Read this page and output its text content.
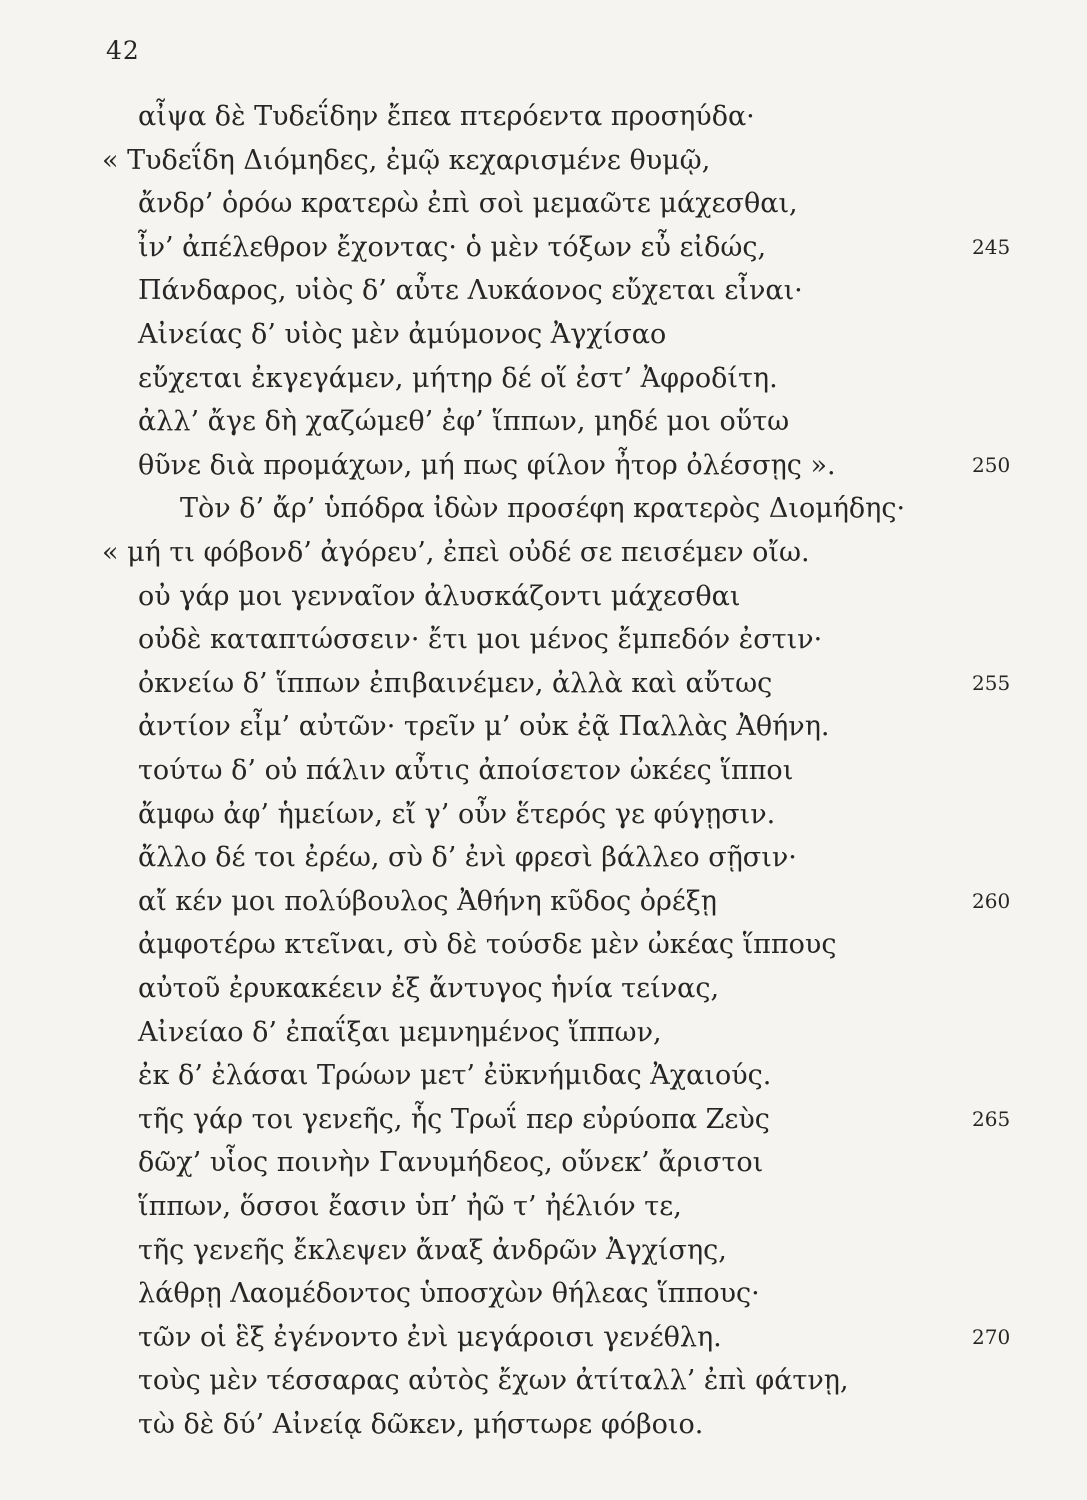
42
αἶψα δὲ Τυδεΐδην ἔπεα πτερόεντα προσηύδα·
« Τυδεΐδη Διόμηδες, ἐμῷ κεχαρισμένε θυμῷ,
ἄνδρ’ ὁρόω κρατερὼ ἐπὶ σοὶ μεμαῶτε μάχεσθαι,
ἶν’ ἀπέλεθρον ἔχοντας· ὁ μὲν τόξων εὖ εἰδώς,	245
Πάνδαρος, υἱὸς δ’ αὖτε Λυκάονος εὔχεται εἶναι·
Αἰνείας δ’ υἱὸς μὲν ἀμύμονος Ἀγχίσαο
εὔχεται ἐκγεγάμεν, μήτηρ δέ οἵ ἐστ’ Ἀφροδίτη.
ἀλλ’ ἄγε δὴ χαζώμεθ’ ἐφ’ ἵππων, μηδέ μοι οὕτω
θῦνε διὰ προμάχων, μή πως φίλον ἦτορ ὀλέσσῃς ».	250
Τὸν δ’ ἄρ’ ὑπόδρα ἰδὼν προσέφη κρατερὸς Διομήδης·
« μή τι φόβονδ’ ἀγόρευ’, ἐπεὶ οὐδέ σε πεισέμεν οἴω.
οὐ γάρ μοι γενναῖον ἀλυσκάζοντι μάχεσθαι
οὐδὲ καταπτώσσειν· ἔτι μοι μένος ἔμπεδόν ἐστιν·
ὀκνείω δ’ ἵππων ἐπιβαινέμεν, ἀλλὰ καὶ αὔτως	255
ἀντίον εἶμ’ αὐτῶν· τρεῖν μ’ οὐκ ἐᾷ Παλλὰς Ἀθήνη.
τούτω δ’ οὐ πάλιν αὖτις ἀποίσετον ὠκέες ἵπποι
ἄμφω ἀφ’ ἡμείων, εἴ γ’ οὖν ἕτερός γε φύγῃσιν.
ἄλλο δέ τοι ἐρέω, σὺ δ’ ἐνὶ φρεσὶ βάλλεο σῇσιν·
αἴ κέν μοι πολύβουλος Ἀθήνη κῦδος ὀρέξῃ	260
ἀμφοτέρω κτεῖναι, σὺ δὲ τούσδε μὲν ὠκέας ἵππους
αὐτοῦ ἐρυκακέειν ἐξ ἄντυγος ἡνία τείνας,
Αἰνείαο δ’ ἐπαΐξαι μεμνημένος ἵππων,
ἐκ δ’ ἐλάσαι Τρώων μετ’ ἐϋκνήμιδας Ἀχαιούς.
τῆς γάρ τοι γενεῆς, ἧς Τρωΐ περ εὐρύοπα Ζεὺς	265
δῶχ’ υἷος ποινὴν Γανυμήδεος, οὕνεκ’ ἄριστοι
ἵππων, ὅσσοι ἔασιν ὑπ’ ἠῶ τ’ ἠέλιόν τε,
τῆς γενεῆς ἔκλεψεν ἄναξ ἀνδρῶν Ἀγχίσης,
λάθρῃ Λαομέδοντος ὑποσχὼν θήλεας ἵππους·
τῶν οἱ ἓξ ἐγένοντο ἐνὶ μεγάροισι γενέθλη.	270
τοὺς μὲν τέσσαρας αὐτὸς ἔχων ἀτίταλλ’ ἐπὶ φάτνῃ,
τὼ δὲ δύ’ Αἰνείᾳ δῶκεν, μήστωρε φόβοιο.
